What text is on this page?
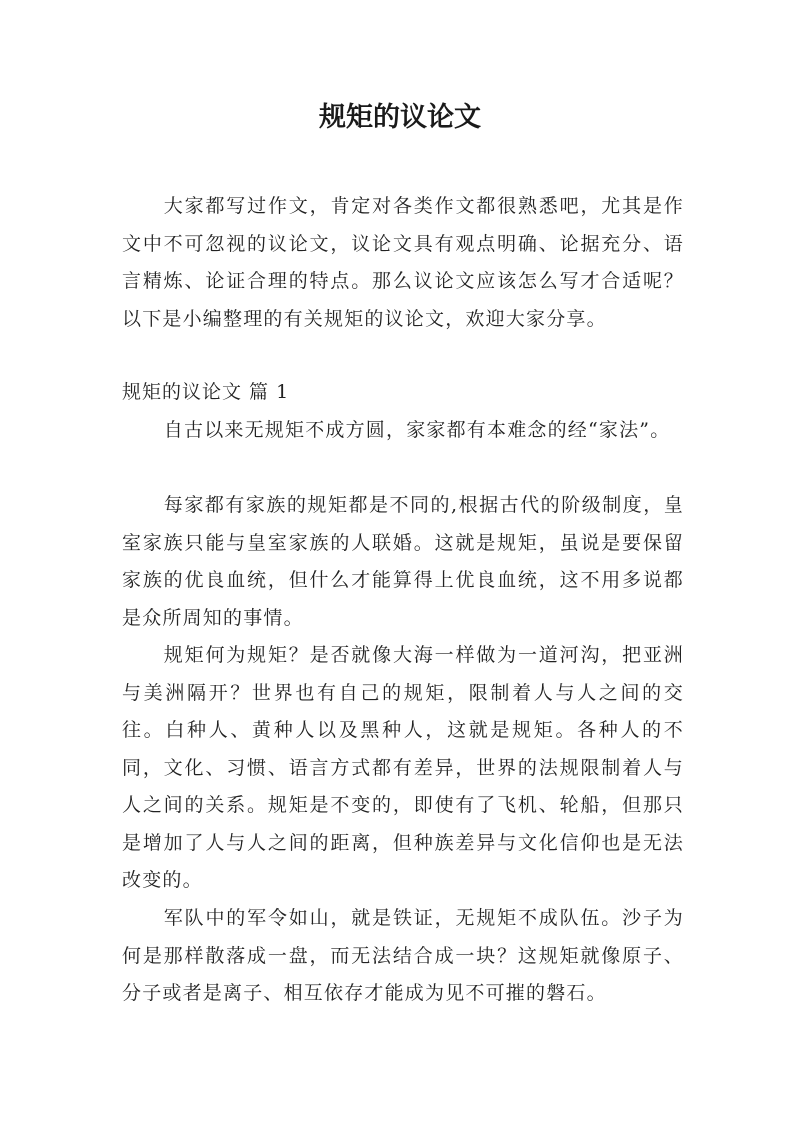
规矩的议论文

大家都写过作文，肯定对各类作文都很熟悉吧，尤其是作文中不可忽视的议论文，议论文具有观点明确、论据充分、语言精炼、论证合理的特点。那么议论文应该怎么写才合适呢？以下是小编整理的有关规矩的议论文，欢迎大家分享。

规矩的议论文 篇 1

自古以来无规矩不成方圆，家家都有本难念的经“家法”。

每家都有家族的规矩都是不同的,根据古代的阶级制度，皇室家族只能与皇室家族的人联婚。这就是规矩，虽说是要保留家族的优良血统，但什么才能算得上优良血统，这不用多说都是众所周知的事情。

规矩何为规矩？是否就像大海一样做为一道河沟，把亚洲与美洲隔开？世界也有自己的规矩，限制着人与人之间的交往。白种人、黄种人以及黑种人，这就是规矩。各种人的不同，文化、习惯、语言方式都有差异，世界的法规限制着人与人之间的关系。规矩是不变的，即使有了飞机、轮船，但那只是增加了人与人之间的距离，但种族差异与文化信仰也是无法改变的。

军队中的军令如山，就是铁证，无规矩不成队伍。沙子为何是那样散落成一盘，而无法结合成一块？这规矩就像原子、分子或者是离子、相互依存才能成为见不可摧的磐石。
